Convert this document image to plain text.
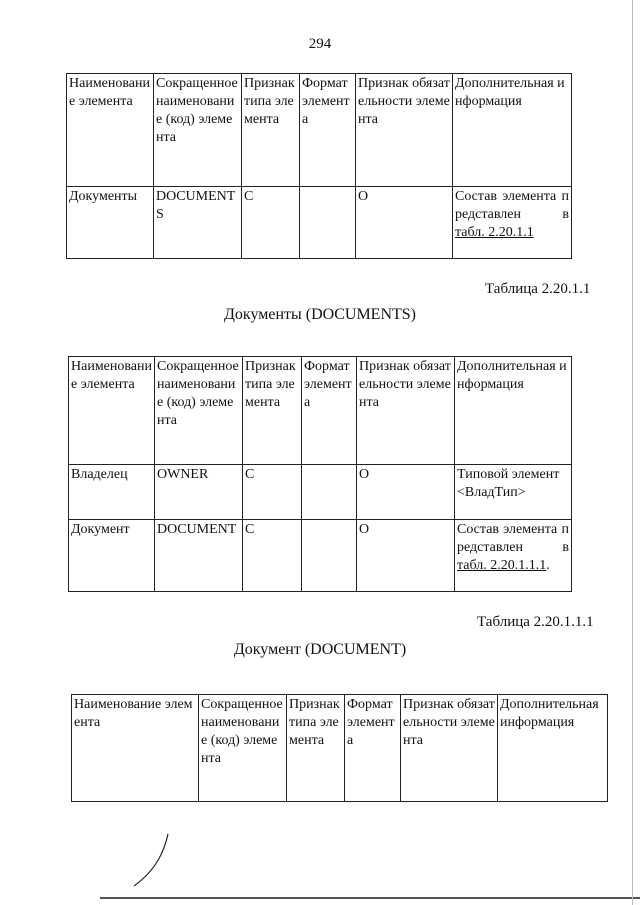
294
Наименование элемента	Сокращенное наименование (код) элемента	Признак типа элемента	Формат элемента	Признак обязательности элемента	Дополнительная информация
Документы	DOCUMENTS	С		О	Состав элемента представлен в
табл. 2.20.1.1
Таблица 2.20.1.1
Документы (DOCUMENTS)
Наименование элемента	Сокращенное наименование (код) элемента	Признак типа элемента	Формат элемента	Признак обязательности элемента	Дополнительная информация
Владелец	OWNER	С		О	Типовой элемент <ВладТип>
Документ	DOCUMENT	С		О	Состав элемента представлен в
табл. 2.20.1.1.1.
Таблица 2.20.1.1.1
Документ (DOCUMENT)
Наименование элемента	Сокращенное наименование (код) элемента	Признак типа элемента	Формат элемента	Признак обязательности элемента	Дополнительная информация
